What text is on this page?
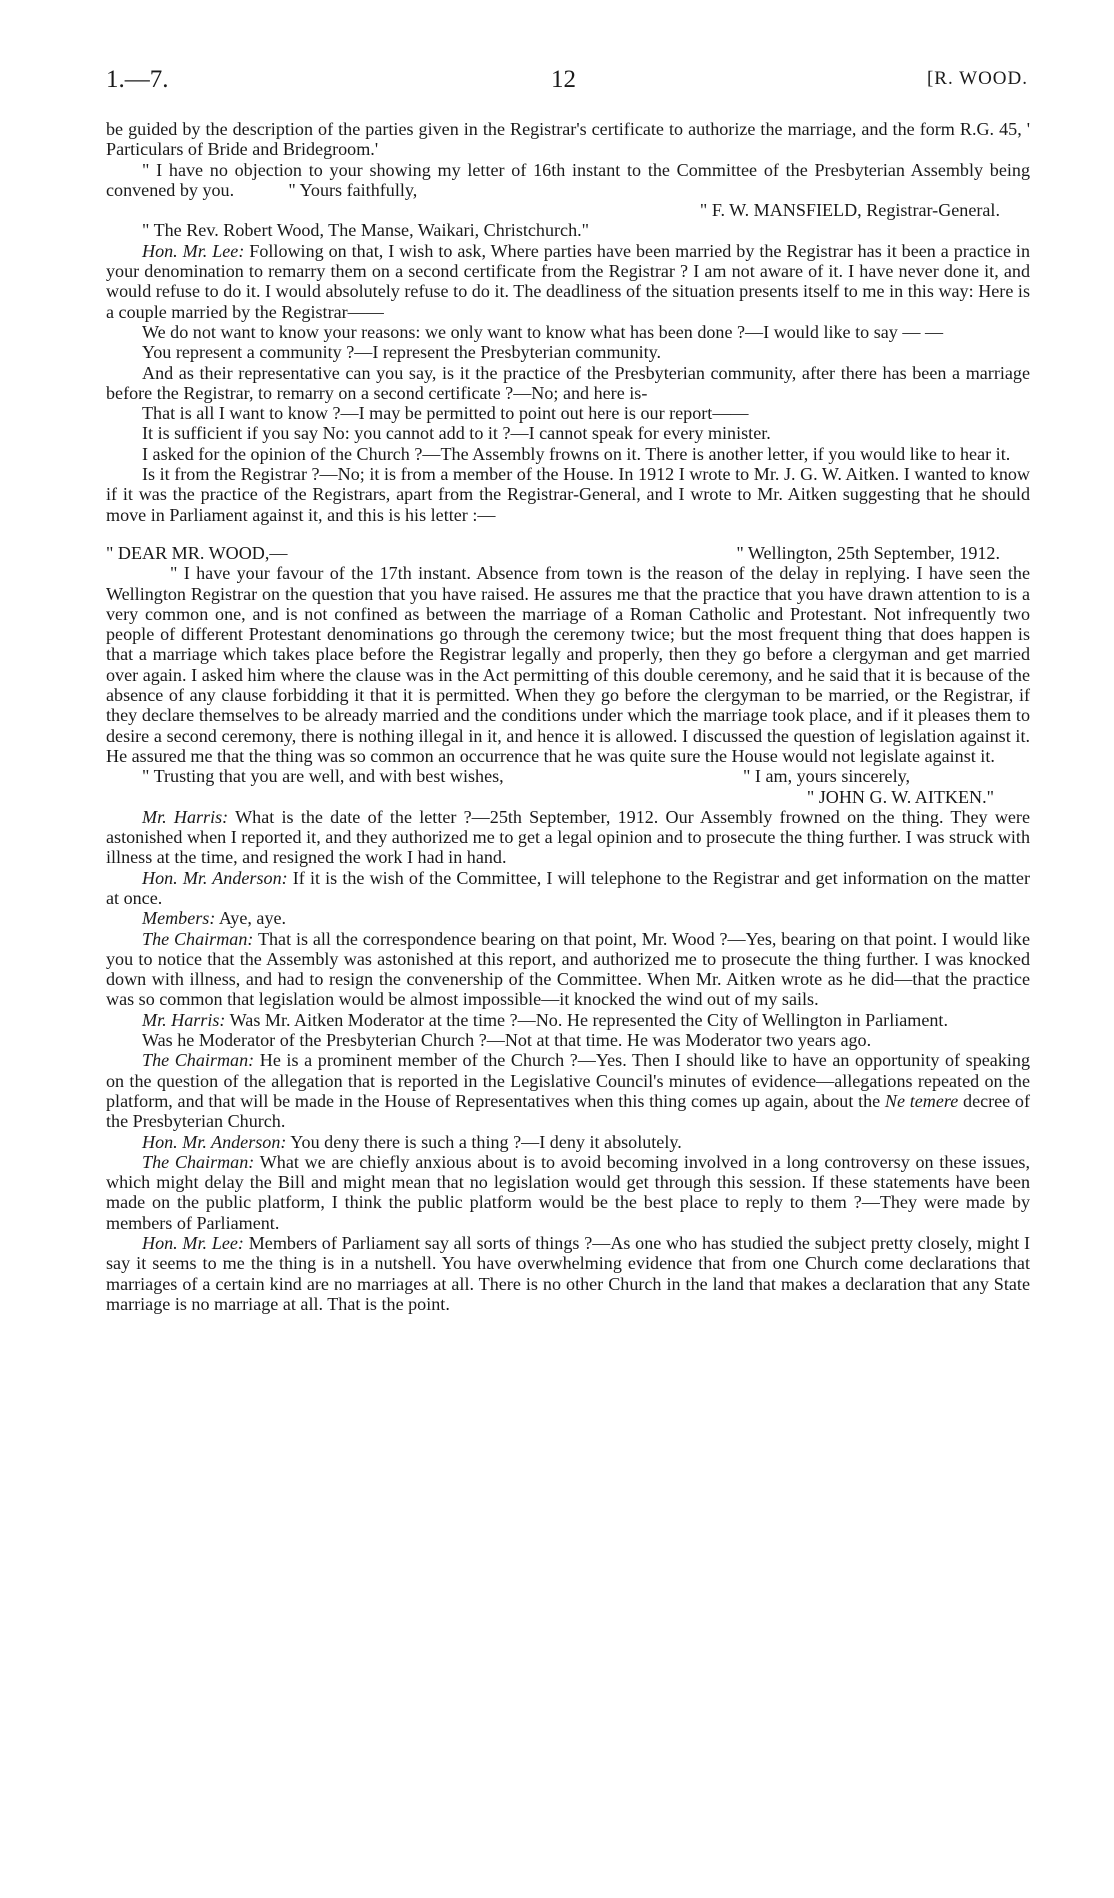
1.—7.	12	[R. WOOD.

be guided by the description of the parties given in the Registrar's certificate to authorize the marriage, and the form R.G. 45, ' Particulars of Bride and Bridegroom.'

" I have no objection to your showing my letter of 16th instant to the Committee of the Presbyterian Assembly being convened by you.	" Yours faithfully,

" F. W. MANSFIELD, Registrar-General.

" The Rev. Robert Wood, The Manse, Waikari, Christchurch."

Hon. Mr. Lee: Following on that, I wish to ask, Where parties have been married by the Registrar has it been a practice in your denomination to remarry them on a second certificate from the Registrar ? I am not aware of it. I have never done it, and would refuse to do it. I would absolutely refuse to do it. The deadliness of the situation presents itself to me in this way: Here is a couple married by the Registrar——

We do not want to know your reasons: we only want to know what has been done ?—I would like to say — —

You represent a community ?—I represent the Presbyterian community.

And as their representative can you say, is it the practice of the Presbyterian community, after there has been a marriage before the Registrar, to remarry on a second certificate ?—No; and here is-

That is all I want to know ?—I may be permitted to point out here is our report——

It is sufficient if you say No: you cannot add to it ?—I cannot speak for every minister.

I asked for the opinion of the Church ?—The Assembly frowns on it. There is another letter, if you would like to hear it.

Is it from the Registrar ?—No; it is from a member of the House. In 1912 I wrote to Mr. J. G. W. Aitken. I wanted to know if it was the practice of the Registrars, apart from the Registrar-General, and I wrote to Mr. Aitken suggesting that he should move in Parliament against it, and this is his letter :—

" DEAR MR. WOOD,—	" Wellington, 25th September, 1912.

" I have your favour of the 17th instant. Absence from town is the reason of the delay in replying. I have seen the Wellington Registrar on the question that you have raised. He assures me that the practice that you have drawn attention to is a very common one, and is not confined as between the marriage of a Roman Catholic and Protestant. Not infrequently two people of different Protestant denominations go through the ceremony twice; but the most frequent thing that does happen is that a marriage which takes place before the Registrar legally and properly, then they go before a clergyman and get married over again. I asked him where the clause was in the Act permitting of this double ceremony, and he said that it is because of the absence of any clause forbidding it that it is permitted. When they go before the clergyman to be married, or the Registrar, if they declare themselves to be already married and the conditions under which the marriage took place, and if it pleases them to desire a second ceremony, there is nothing illegal in it, and hence it is allowed. I discussed the question of legislation against it. He assured me that the thing was so common an occurrence that he was quite sure the House would not legislate against it.

" Trusting that you are well, and with best wishes,	" I am, yours sincerely,

" JOHN G. W. AITKEN."

Mr. Harris: What is the date of the letter ?—25th September, 1912. Our Assembly frowned on the thing. They were astonished when I reported it, and they authorized me to get a legal opinion and to prosecute the thing further. I was struck with illness at the time, and resigned the work I had in hand.

Hon. Mr. Anderson: If it is the wish of the Committee, I will telephone to the Registrar and get information on the matter at once.

Members: Aye, aye.

The Chairman: That is all the correspondence bearing on that point, Mr. Wood ?—Yes, bearing on that point. I would like you to notice that the Assembly was astonished at this report, and authorized me to prosecute the thing further. I was knocked down with illness, and had to resign the convenership of the Committee. When Mr. Aitken wrote as he did—that the practice was so common that legislation would be almost impossible—it knocked the wind out of my sails.

Mr. Harris: Was Mr. Aitken Moderator at the time ?—No. He represented the City of Wellington in Parliament.

Was he Moderator of the Presbyterian Church ?—Not at that time. He was Moderator two years ago.

The Chairman: He is a prominent member of the Church ?—Yes. Then I should like to have an opportunity of speaking on the question of the allegation that is reported in the Legislative Council's minutes of evidence—allegations repeated on the platform, and that will be made in the House of Representatives when this thing comes up again, about the Ne temere decree of the Presbyterian Church.

Hon. Mr. Anderson: You deny there is such a thing ?—I deny it absolutely.

The Chairman: What we are chiefly anxious about is to avoid becoming involved in a long controversy on these issues, which might delay the Bill and might mean that no legislation would get through this session. If these statements have been made on the public platform, I think the public platform would be the best place to reply to them ?—They were made by members of Parliament.

Hon. Mr. Lee: Members of Parliament say all sorts of things ?—As one who has studied the subject pretty closely, might I say it seems to me the thing is in a nutshell. You have overwhelming evidence that from one Church come declarations that marriages of a certain kind are no marriages at all. There is no other Church in the land that makes a declaration that any State marriage is no marriage at all. That is the point.
